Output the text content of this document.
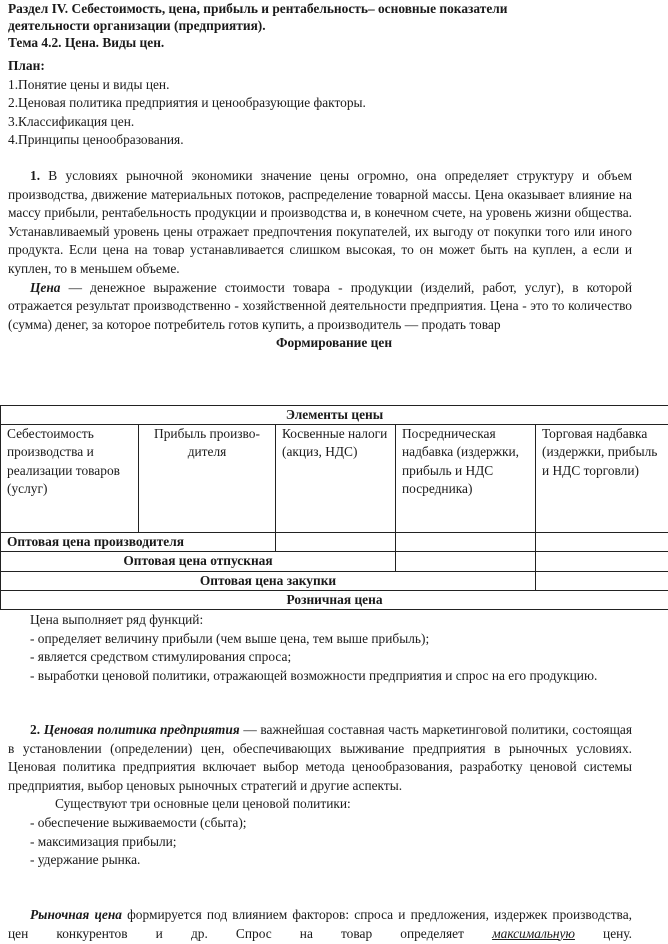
Раздел IV. Себестоимость, цена, прибыль и рентабельность– основные показатели
деятельности организации (предприятия).
Тема 4.2. Цена. Виды цен.
План:
1.Понятие цены и виды цен.
2.Ценовая политика предприятия и ценообразующие факторы.
3.Классификация цен.
4.Принципы ценообразования.

1. В условиях рыночной экономики значение цены огромно, она определяет структуру и объем производства, движение материальных потоков, распределение товарной массы. Цена оказывает влияние на массу прибыли, рентабельность продукции и производства и, в конечном счете, на уровень жизни общества. Устанавливаемый уровень цены отражает предпочтения покупателей, их выгоду от покупки того или иного продукта. Если цена на товар устанавливается слишком высокая, то он может быть на куплен, а если и куплен, то в меньшем объеме.

Цена — денежное выражение стоимости товара - продукции (изделий, работ, услуг), в которой отражается результат производственно - хозяйственной деятельности предприятия. Цена - это то количество (сумма) денег, за которое потребитель готов купить, а производитель — продать товар

Формирование цен
Элементы цены				
Себестоимость производства и реализации товаров (услуг)	Прибыль произво-дителя	Косвенные налоги (акциз, НДС)	Посредническая надбавка (издержки, прибыль и НДС посредника)	Торговая надбавка (издержки, прибыль и НДС торговли)
Оптовая цена производителя				
Оптовая цена отпускная				
Оптовая цена закупки				
Розничная цена				
Цена выполняет ряд функций:
- определяет величину прибыли (чем выше цена, тем выше прибыль);
- является средством стимулирования спроса;
- выработки ценовой политики, отражающей возможности предприятия и спрос на его продукцию.

2. Ценовая политика предприятия — важнейшая составная часть маркетинговой политики, состоящая в установлении (определении) цен, обеспечивающих выживание предприятия в рыночных условиях. Ценовая политика предприятия включает выбор метода ценообразования, разработку ценовой системы предприятия, выбор ценовых рыночных стратегий и другие аспекты.

Существуют три основные цели ценовой политики:
- обеспечение выживаемости (сбыта);
- максимизация прибыли;
- удержание рынка.

Рыночная цена формируется под влиянием факторов: спроса и предложения, издержек производства, цен конкурентов и др. Спрос на товар определяет максимальную цену.
